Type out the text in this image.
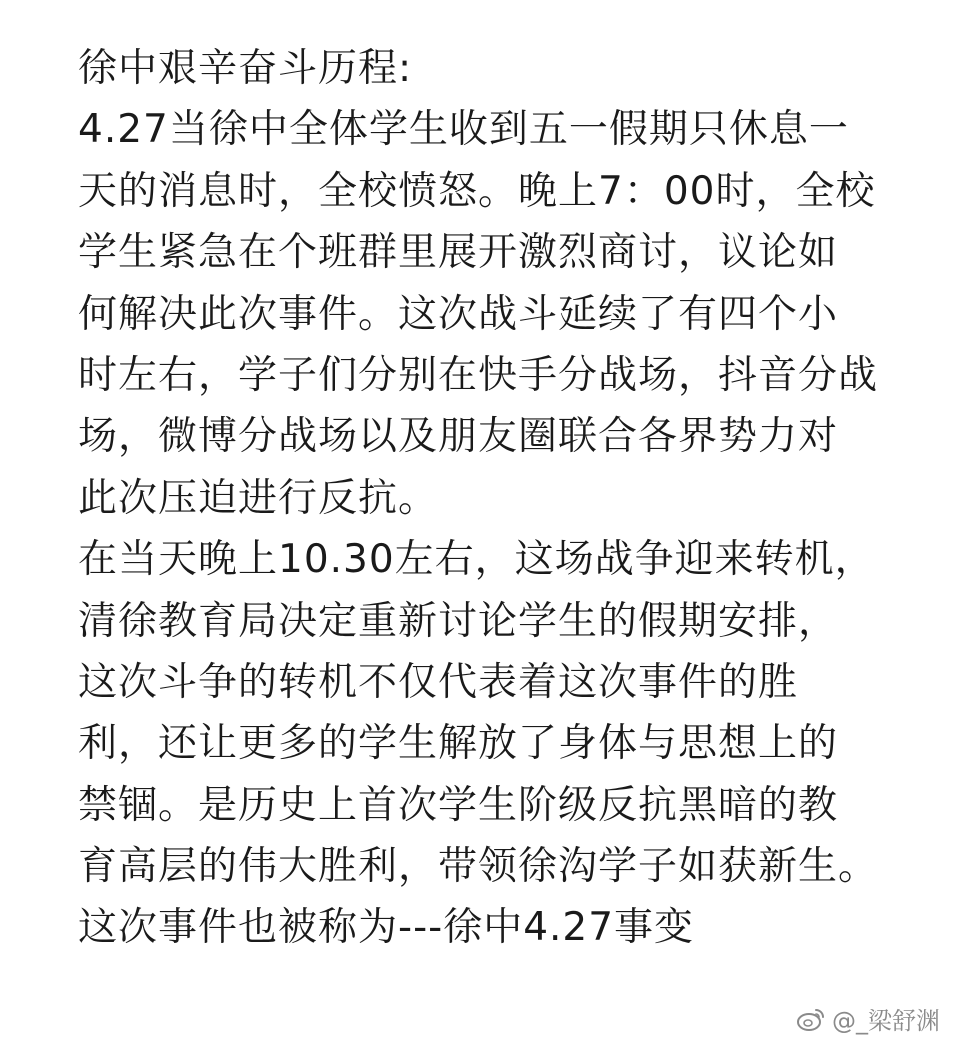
徐中艰辛奋斗历程:
4.27当徐中全体学生收到五一假期只休息一
天的消息时，全校愤怒。晚上7：00时，全校
学生紧急在个班群里展开激烈商讨，议论如
何解决此次事件。这次战斗延续了有四个小
时左右，学子们分别在快手分战场，抖音分战
场，微博分战场以及朋友圈联合各界势力对
此次压迫进行反抗。
在当天晚上10.30左右，这场战争迎来转机，
清徐教育局决定重新讨论学生的假期安排，
这次斗争的转机不仅代表着这次事件的胜
利，还让更多的学生解放了身体与思想上的
禁锢。是历史上首次学生阶级反抗黑暗的教
育高层的伟大胜利，带领徐沟学子如获新生。
这次事件也被称为---徐中4.27事变
@_梁舒渊
